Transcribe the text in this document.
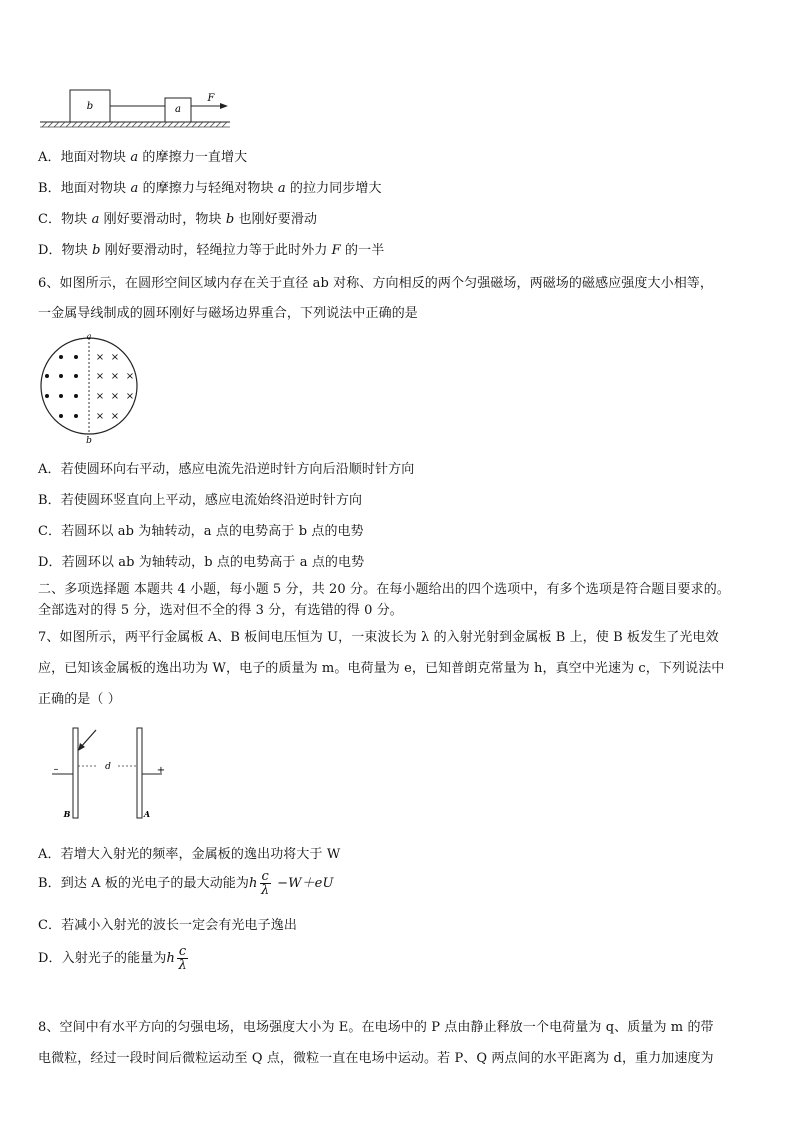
b	a
F
A．地面对物块 a 的摩擦力一直增大
B．地面对物块 a 的摩擦力与轻绳对物块 a 的拉力同步增大
C．物块 a 刚好要滑动时，物块 b 也刚好要滑动
D．物块 b 刚好要滑动时，轻绳拉力等于此时外力 F 的一半
6、如图所示，在圆形空间区域内存在关于直径 ab 对称、方向相反的两个匀强磁场，两磁场的磁感应强度大小相等，
一金属导线制成的圆环刚好与磁场边界重合，下列说法中正确的是
a
b
× ×
× × ×
× × ×
× ×
A．若使圆环向右平动，感应电流先沿逆时针方向后沿顺时针方向
B．若使圆环竖直向上平动，感应电流始终沿逆时针方向
C．若圆环以 ab 为轴转动，a 点的电势高于 b 点的电势
D．若圆环以 ab 为轴转动，b 点的电势高于 a 点的电势
二、多项选择题 本题共 4 小题，每小题 5 分，共 20 分。在每小题给出的四个选项中，有多个选项是符合题目要求的。
全部选对的得 5 分，选对但不全的得 3 分，有选错的得 0 分。
7、如图所示，两平行金属板 A、B 板间电压恒为 U，一束波长为 λ 的入射光射到金属板 B 上，使 B 板发生了光电效
应，已知该金属板的逸出功为 W，电子的质量为 m。电荷量为 e，已知普朗克常量为 h，真空中光速为 c，下列说法中
正确的是（ ）
d
–	+
B	A
A．若增大入射光的频率，金属板的逸出功将大于 W
B．到达 A 板的光电子的最大动能为h $\frac{c}{\lambda} -W+eU$
C．若减小入射光的波长一定会有光电子逸出
D．入射光子的能量为h $\frac{c}{\lambda}$
8、空间中有水平方向的匀强电场，电场强度大小为 E。在电场中的 P 点由静止释放一个电荷量为 q、质量为 m 的带
电微粒，经过一段时间后微粒运动至 Q 点，微粒一直在电场中运动。若 P、Q 两点间的水平距离为 d，重力加速度为
